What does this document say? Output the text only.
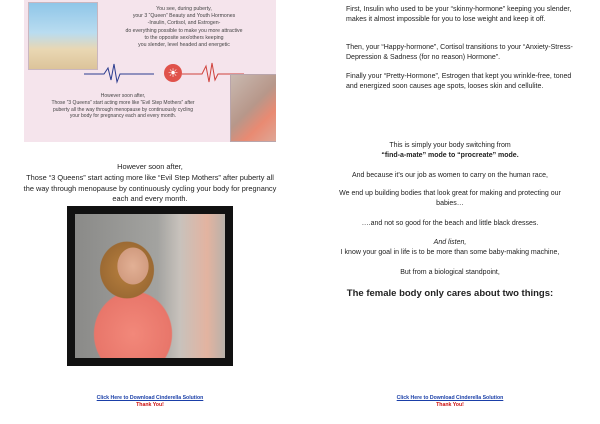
You see, during puberty,
your 3 “Queen” Beauty and Youth Hormones
-Insulin, Cortisol, and Estrogen-
do everything possible to make you more attractive
to the opposite sex/others keeping
you slender, level headed and energetic
☀
However soon after,
Those “3 Queens” start acting more like “Evil Step Mothers” after
puberty all the way through menopause by continuously cycling
your body for pregnancy each and every month.
However soon after,
Those “3 Queens” start acting more like “Evil Step Mothers” after puberty all
the way through menopause by continuously cycling your body for pregnancy
each and every month.
Click Here to Download Cinderella Solution
Thank You!
First, Insulin who used to be your “skinny-hormone” keeping you slender, makes it almost impossible for you to lose weight and keep it off.
Then, your “Happy-hormone”, Cortisol transitions to your “Anxiety-Stress-Depression & Sadness (for no reason) Hormone”.
Finally your “Pretty-Hormone”, Estrogen that kept you wrinkle-free, toned and energized soon causes age spots, looses skin and cellulite.
This is simply your body switching from
“find-a-mate” mode to “procreate” mode.
And because it’s our job as women to carry on the human race,
We end up building bodies that look great for making and protecting our babies…
….and not so good for the beach and little black dresses.
And listen,
I know your goal in life is to be more than some baby-making machine,
But from a biological standpoint,
The female body only cares about two things:
Click Here to Download Cinderella Solution
Thank You!
